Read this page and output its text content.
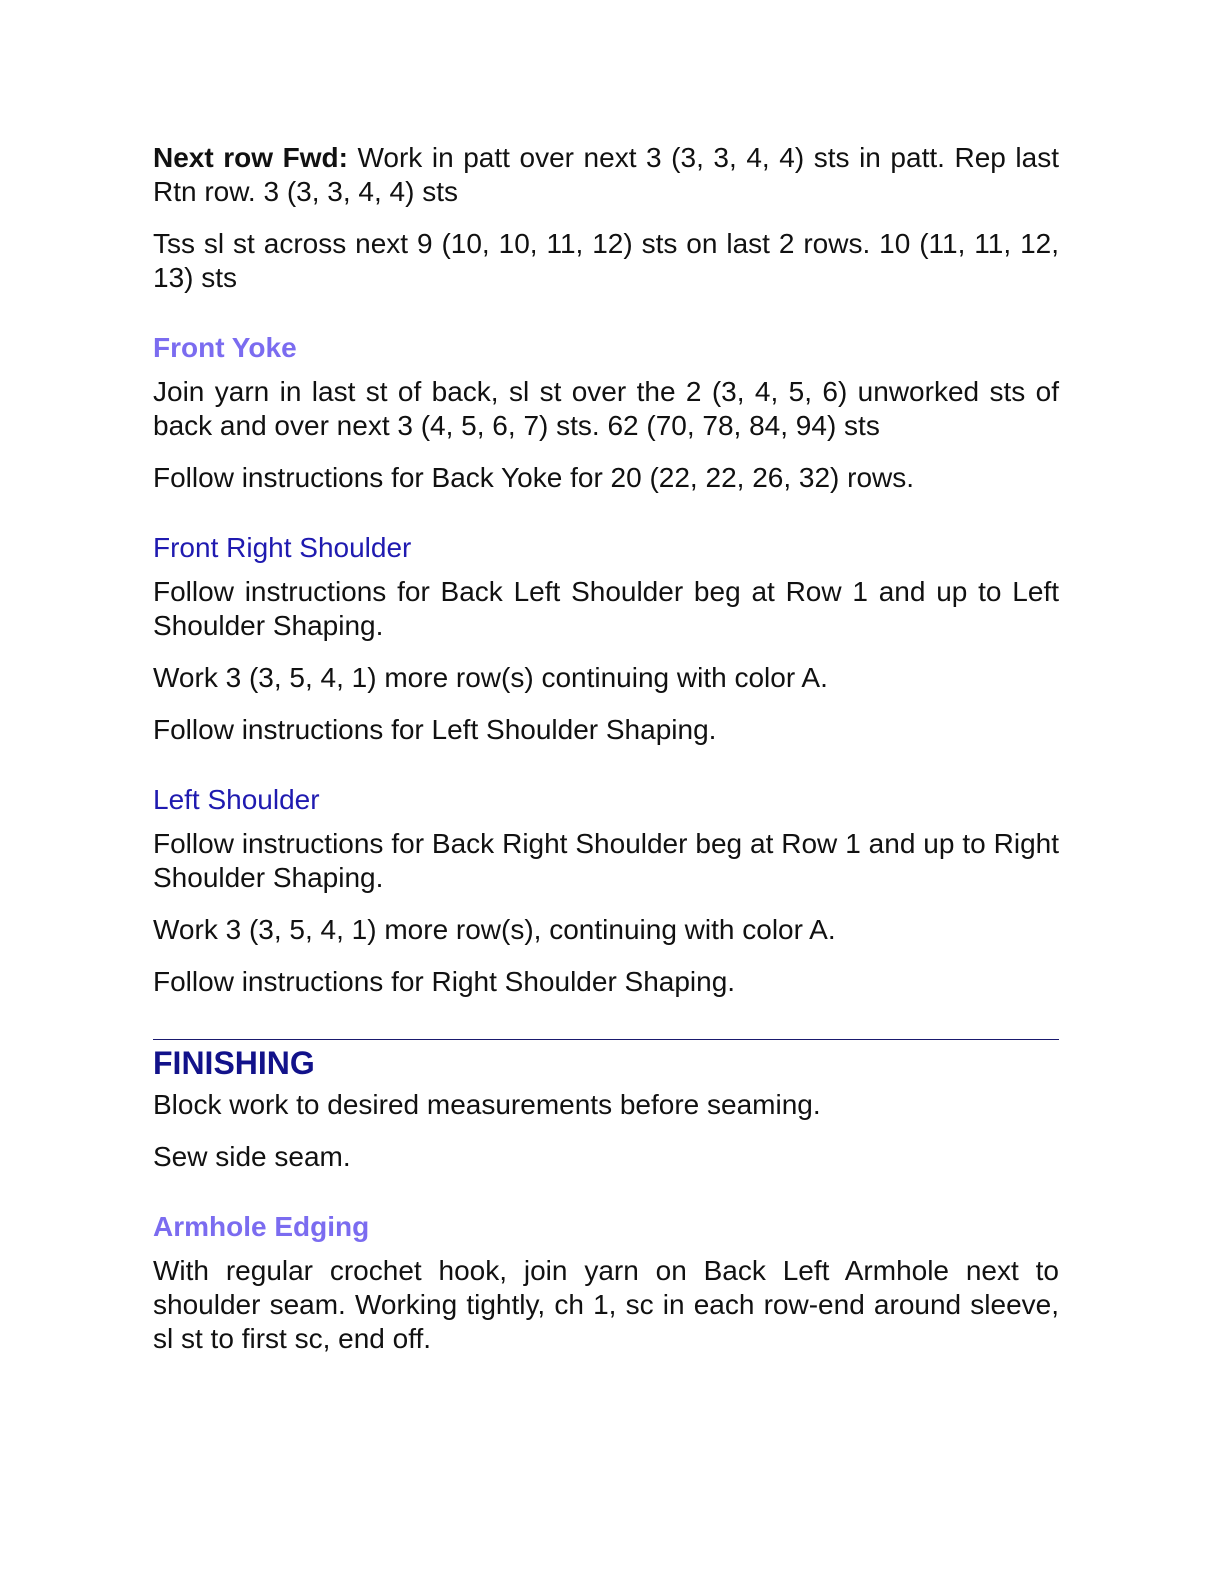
Next row Fwd: Work in patt over next 3 (3, 3, 4, 4) sts in patt. Rep last Rtn row. 3 (3, 3, 4, 4) sts

Tss sl st across next 9 (10, 10, 11, 12) sts on last 2 rows. 10 (11, 11, 12, 13) sts

Front Yoke

Join yarn in last st of back, sl st over the 2 (3, 4, 5, 6) unworked sts of back and over next 3 (4, 5, 6, 7) sts. 62 (70, 78, 84, 94) sts

Follow instructions for Back Yoke for 20 (22, 22, 26, 32) rows.

Front Right Shoulder

Follow instructions for Back Left Shoulder beg at Row 1 and up to Left Shoulder Shaping.

Work 3 (3, 5, 4, 1) more row(s) continuing with color A.

Follow instructions for Left Shoulder Shaping.

Left Shoulder

Follow instructions for Back Right Shoulder beg at Row 1 and up to Right Shoulder Shaping.

Work 3 (3, 5, 4, 1) more row(s), continuing with color A.

Follow instructions for Right Shoulder Shaping.

FINISHING

Block work to desired measurements before seaming.

Sew side seam.

Armhole Edging

With regular crochet hook, join yarn on Back Left Armhole next to shoulder seam. Working tightly, ch 1, sc in each row-end around sleeve, sl st to first sc, end off.
